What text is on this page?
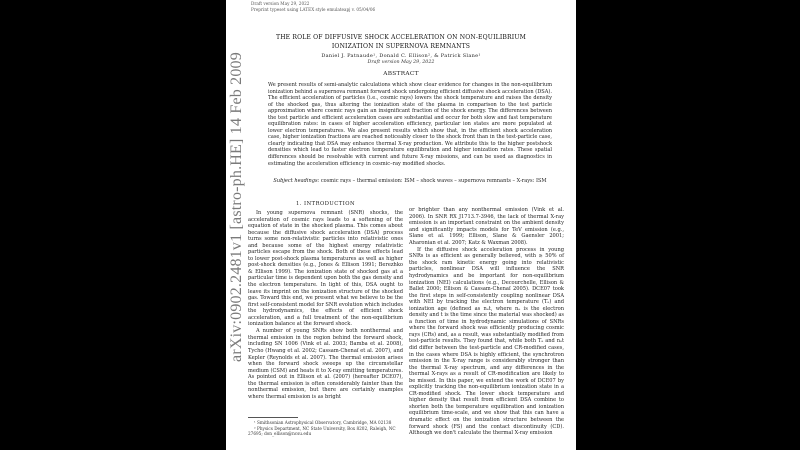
Draft version May 29, 2022
Preprint typeset using LATEX style emulateapj v. 05/04/06
THE ROLE OF DIFFUSIVE SHOCK ACCELERATION ON NON-EQUILIBRIUM IONIZATION IN SUPERNOVA REMNANTS
Daniel J. Patnaude¹, Donald C. Ellison², & Patrick Slane¹
Draft version May 29, 2022
ABSTRACT
We present results of semi-analytic calculations which show clear evidence for changes in the non-equilibrium ionization behind a supernova remnant forward shock undergoing efficient diffusive shock acceleration (DSA). The efficient acceleration of particles (i.e., cosmic rays) lowers the shock temperature and raises the density of the shocked gas, thus altering the ionization state of the plasma in comparison to the test particle approximation where cosmic rays gain an insignificant fraction of the shock energy. The differences between the test particle and efficient acceleration cases are substantial and occur for both slow and fast temperature equilibration rates: in cases of higher acceleration efficiency, particular ion states are more populated at lower electron temperatures. We also present results which show that, in the efficient shock acceleration case, higher ionization fractions are reached noticeably closer to the shock front than in the test-particle case, clearly indicating that DSA may enhance thermal X-ray production. We attribute this to the higher postshock densities which lead to faster electron temperature equilibration and higher ionization rates. These spatial differences should be resolvable with current and future X-ray missions, and can be used as diagnostics in estimating the acceleration efficiency in cosmic–ray modified shocks.
Subject headings: cosmic rays – thermal emission: ISM – shock waves – supernova remnants – X-rays: ISM
1. INTRODUCTION

In young supernova remnant (SNR) shocks, the acceleration of cosmic rays leads to a softening of the equation of state in the shocked plasma. This comes about because the diffusive shock acceleration (DSA) process turns some non-relativistic particles into relativistic ones and because some of the highest energy relativistic particles escape from the shock. Both of these effects lead to lower post-shock plasma temperatures as well as higher post-shock densities (e.g., Jones & Ellison 1991; Berezhko & Ellison 1999). The ionization state of shocked gas at a particular time is dependent upon both the gas density and the electron temperature. In light of this, DSA ought to leave its imprint on the ionization structure of the shocked gas. Toward this end, we present what we believe to be the first self-consistent model for SNR evolution which includes the hydrodynamics, the effects of efficient shock acceleration, and a full treatment of the non-equilibrium ionization balance at the forward shock.

A number of young SNRs show both nonthermal and thermal emission in the region behind the forward shock, including SN 1006 (Vink et al. 2003; Bamba et al. 2008), Tycho (Hwang et al. 2002; Cassam-Chenaï et al. 2007), and Kepler (Reynolds et al. 2007). The thermal emission arises when the forward shock sweeps up the circumstellar medium (CSM) and heats it to X-ray emitting temperatures. As pointed out in Ellison et al. (2007) (hereafter DCE07), the thermal emission is often considerably fainter than the nonthermal emission, but there are certainly examples where thermal emission is as bright

¹ Smithsonian Astrophysical Observatory, Cambridge, MA 02138

² Physics Department, NC State University, Box 8202, Raleigh, NC 27695; don_ellison@ncsu.edu

or brighter than any nonthermal emission (Vink et al. 2006). In SNR RX J1713.7-3946, the lack of thermal X-ray emission is an important constraint on the ambient density and significantly impacts models for TeV emission (e.g., Slane et al. 1999; Ellison, Slane & Gaensler 2001; Aharonian et al. 2007; Katz & Waxman 2008).

If the diffusive shock acceleration process in young SNRs is as efficient as generally believed, with ≳ 50% of the shock ram kinetic energy going into relativistic particles, nonlinear DSA will influence the SNR hydrodynamics and be important for non-equilibrium ionization (NEI) calculations (e.g., Decourchelle, Ellison & Ballet 2000; Ellison & Cassam-Chenaï 2005). DCE07 took the first steps in self-consistently coupling nonlinear DSA with NEI by tracking the electron temperature (Tₑ) and ionization age (defined as nₑt, where nₑ is the electron density and t is the time since the material was shocked) as a function of time in hydrodynamic simulations of SNRs where the forward shock was efficiently producing cosmic rays (CRs) and, as a result, was substantially modified from test-particle results. They found that, while both Tₑ and nₑt did differ between the test-particle and CR-modified cases, in the cases where DSA is highly efficient, the synchrotron emission in the X-ray range is considerably stronger than the thermal X-ray spectrum, and any differences in the thermal X-rays as a result of CR-modification are likely to be missed. In this paper, we extend the work of DCE07 by explicitly tracking the non-equilibrium ionization state in a CR-modified shock. The lower shock temperature and higher density that result from efficient DSA combine to shorten both the temperature equilibration and ionization equilibrium time-scale, and we show that this can have a dramatic effect on the ionization structure between the forward shock (FS) and the contact discontinuity (CD). Although we don't calculate the thermal X-ray emission

arXiv:0902.2481v1 [astro-ph.HE] 14 Feb 2009
